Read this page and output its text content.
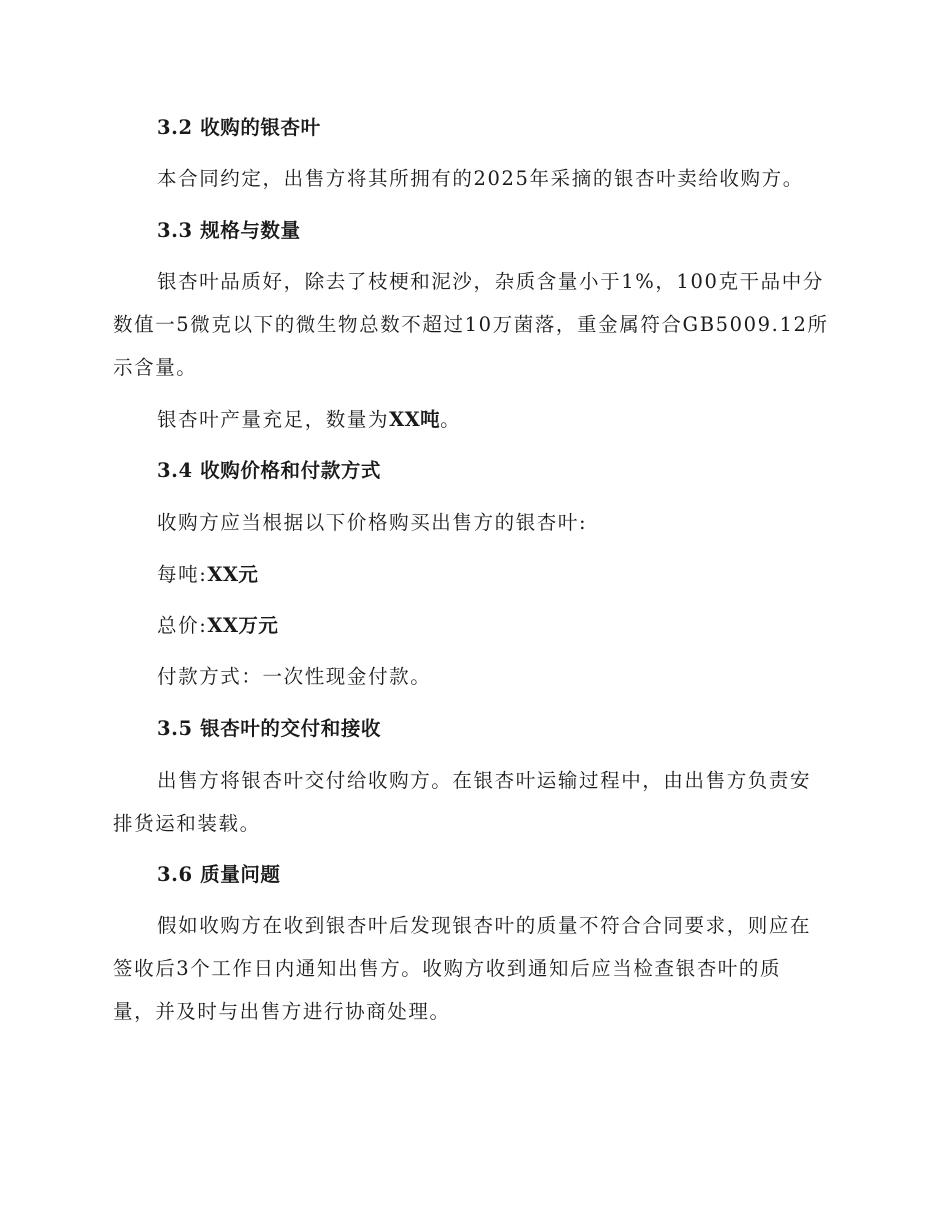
3.2 收购的银杏叶

本合同约定，出售方将其所拥有的2025年采摘的银杏叶卖给收购方。

3.3 规格与数量

银杏叶品质好，除去了枝梗和泥沙，杂质含量小于1%，100克干品中分
数值一5微克以下的微生物总数不超过10万菌落，重金属符合GB5009.12所
示含量。

银杏叶产量充足，数量为XX吨。

3.4 收购价格和付款方式

收购方应当根据以下价格购买出售方的银杏叶:

每吨:XX元

总价:XX万元

付款方式：一次性现金付款。

3.5 银杏叶的交付和接收

出售方将银杏叶交付给收购方。在银杏叶运输过程中，由出售方负责安
排货运和装载。

3.6 质量问题

假如收购方在收到银杏叶后发现银杏叶的质量不符合合同要求，则应在
签收后3个工作日内通知出售方。收购方收到通知后应当检查银杏叶的质
量，并及时与出售方进行协商处理。
